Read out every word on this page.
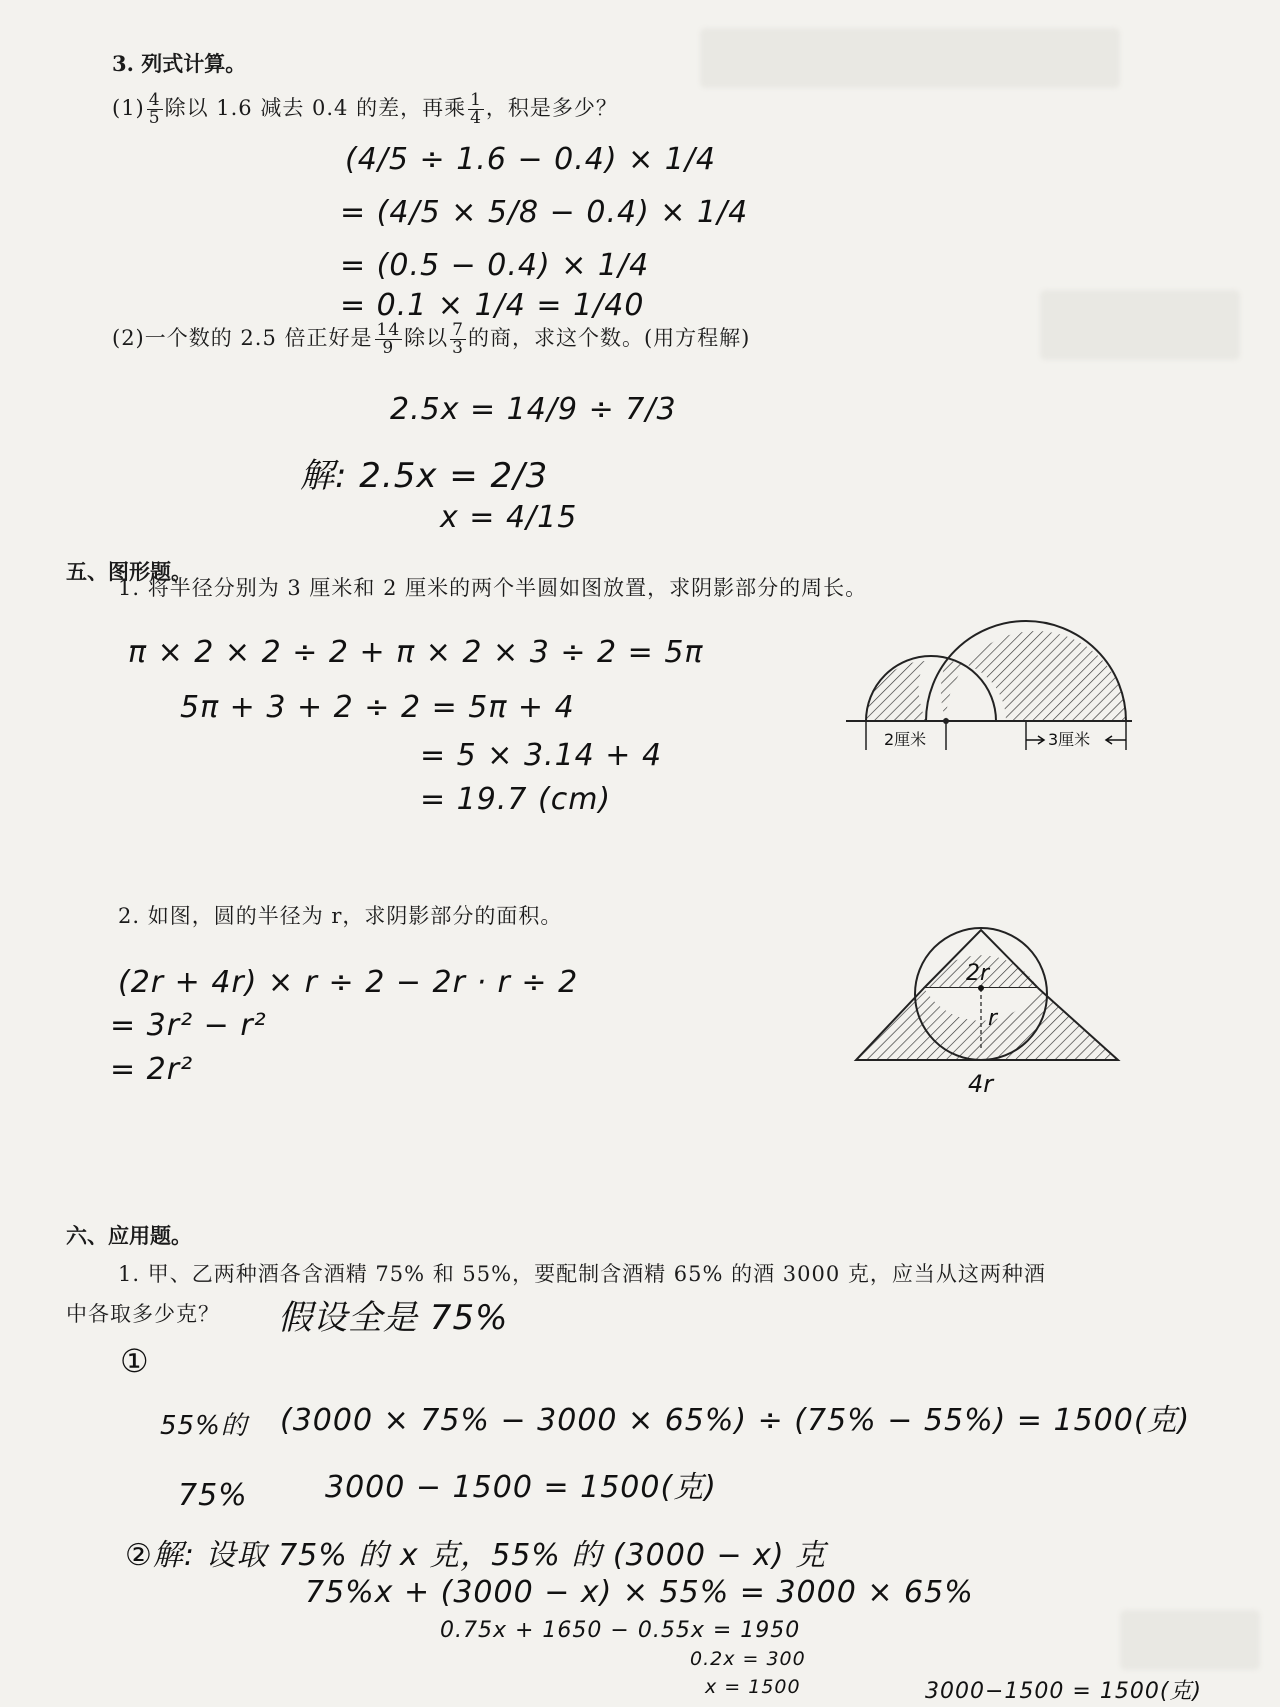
3. 列式计算。
$(1) \frac{4}{5}$ 除以 1.6 减去 0.4 的差，再乘 $\frac{1}{4}$ ，积是多少？
(4/5 ÷ 1.6 − 0.4) × 1/4
= (4/5 × 5/8 − 0.4) × 1/4
= (0.5 − 0.4) × 1/4
= 0.1 × 1/4 = 1/40
(2)一个数的 2.5 倍正好是 $\frac{14}{9}$ 除以 $\frac{7}{3}$ 的商，求这个数。(用方程解)
2.5x = 14/9 ÷ 7/3
解: 2.5x = 2/3
x = 4/15
五、图形题。
1. 将半径分别为 3 厘米和 2 厘米的两个半圆如图放置，求阴影部分的周长。
π × 2 × 2 ÷ 2 + π × 2 × 3 ÷ 2 = 5π
5π + 3 + 2 ÷ 2 = 5π + 4
= 5 × 3.14 + 4
= 19.7 (cm)
2厘米	3厘米
2. 如图，圆的半径为 r，求阴影部分的面积。
(2r + 4r) × r ÷ 2 − 2r · r ÷ 2
= 3r² − r²
= 2r²
2r
r
4r
六、应用题。
1. 甲、乙两种酒各含酒精 75% 和 55%，要配制含酒精 65% 的酒 3000 克，应当从这两种酒
中各取多少克？ 假设全是 75%
①
55%的 (3000 × 75% − 3000 × 65%) ÷ (75% − 55%) = 1500(克)
75%	3000 − 1500 = 1500(克)
②解: 设取 75% 的 x 克，55% 的 (3000 − x) 克
75%x + (3000 − x) × 55% = 3000 × 65%
0.75x + 1650 − 0.55x = 1950
0.2x = 300
x = 1500	3000−1500 = 1500(克)
